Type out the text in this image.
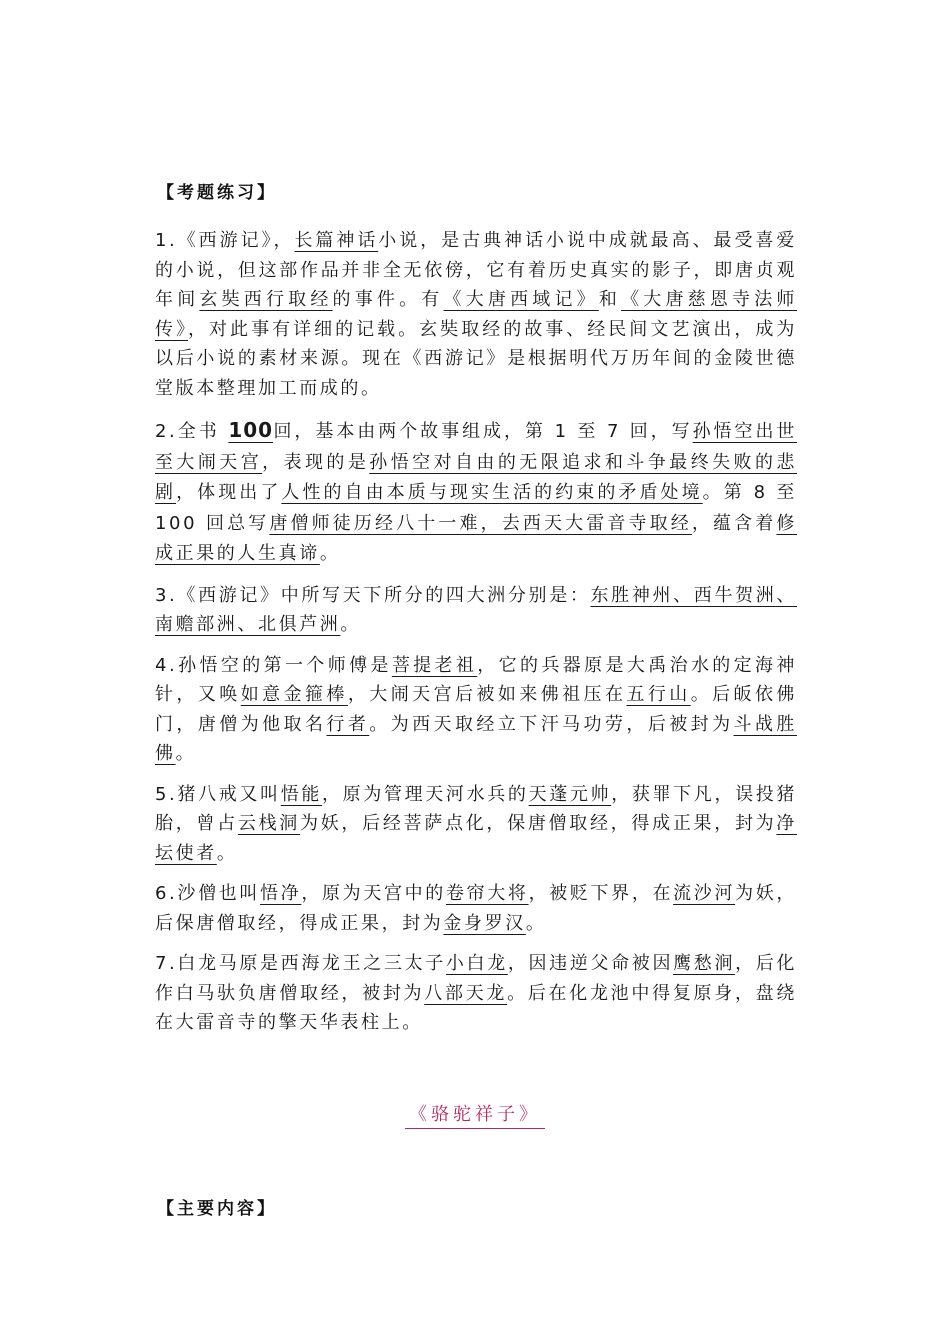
【考题练习】

1.《西游记》，长篇神话小说，是古典神话小说中成就最高、最受喜爱的小说，但这部作品并非全无依傍，它有着历史真实的影子，即唐贞观年间玄奘西行取经的事件。有《大唐西域记》和《大唐慈恩寺法师传》，对此事有详细的记载。玄奘取经的故事、经民间文艺演出，成为以后小说的素材来源。现在《西游记》是根据明代万历年间的金陵世德堂版本整理加工而成的。

2.全书 100回，基本由两个故事组成，第 1 至 7 回，写孙悟空出世至大闹天宫，表现的是孙悟空对自由的无限追求和斗争最终失败的悲剧，体现出了人性的自由本质与现实生活的约束的矛盾处境。第 8 至 100 回总写唐僧师徒历经八十一难，去西天大雷音寺取经，蕴含着修成正果的人生真谛。

3.《西游记》中所写天下所分的四大洲分别是：东胜神州、西牛贺洲、南赡部洲、北俱芦洲。

4.孙悟空的第一个师傅是菩提老祖，它的兵器原是大禹治水的定海神针，又唤如意金箍棒，大闹天宫后被如来佛祖压在五行山。后皈依佛门，唐僧为他取名行者。为西天取经立下汗马功劳，后被封为斗战胜佛。

5.猪八戒又叫悟能，原为管理天河水兵的天蓬元帅，获罪下凡，误投猪胎，曾占云栈洞为妖，后经菩萨点化，保唐僧取经，得成正果，封为净坛使者。

6.沙僧也叫悟净，原为天宫中的卷帘大将，被贬下界，在流沙河为妖，后保唐僧取经，得成正果，封为金身罗汉。

7.白龙马原是西海龙王之三太子小白龙，因违逆父命被因鹰愁涧，后化作白马驮负唐僧取经，被封为八部天龙。后在化龙池中得复原身，盘绕在大雷音寺的擎天华表柱上。

《骆驼祥子》
【主要内容】
